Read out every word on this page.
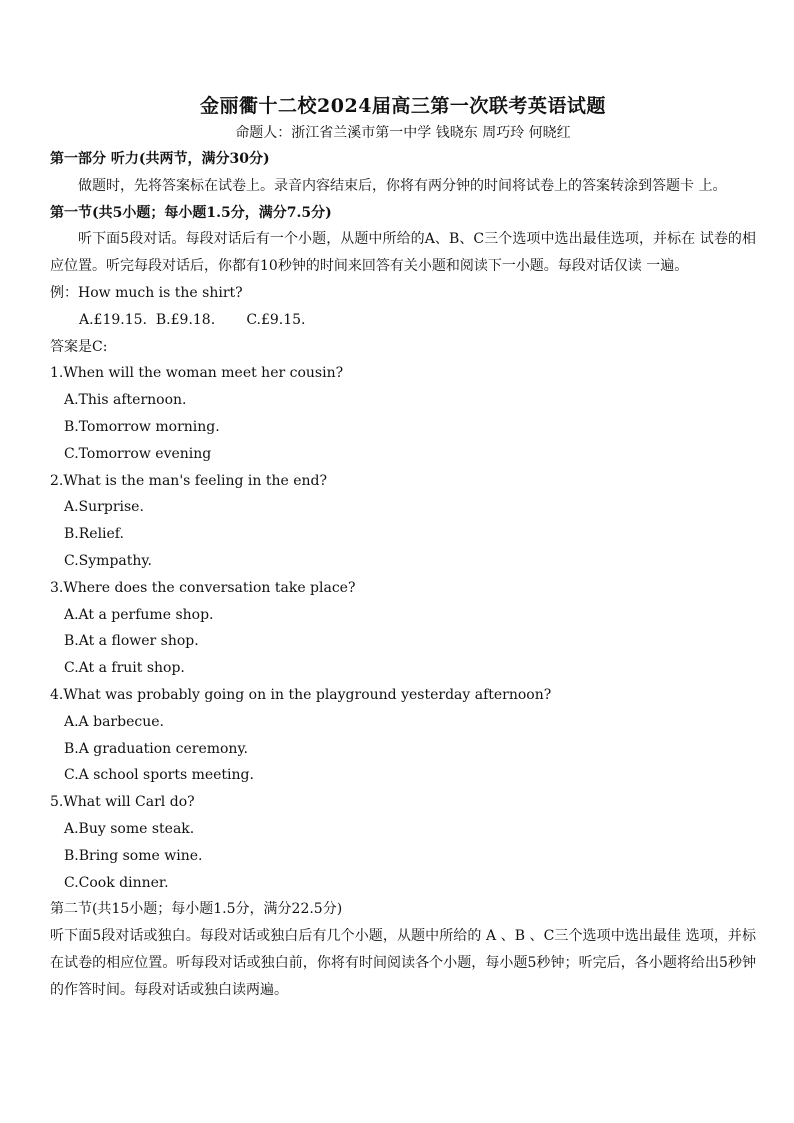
金丽衢十二校2024届高三第一次联考英语试题
命题人：浙江省兰溪市第一中学 钱晓东 周巧玲 何晓红
第一部分 听力(共两节，满分30分)
做题时，先将答案标在试卷上。录音内容结束后，你将有两分钟的时间将试卷上的答案转涂到答题卡 上。
第一节(共5小题；每小题1.5分，满分7.5分)
听下面5段对话。每段对话后有一个小题，从题中所给的A、B、C三个选项中选出最佳选项，并标在 试卷的相应位置。听完每段对话后，你都有10秒钟的时间来回答有关小题和阅读下一小题。每段对话仅读 一遍。
例：How much is the shirt?
A.£19.15.  B.£9.18.       C.£9.15.
答案是C:
1.When will the woman meet her cousin?
A.This afternoon.
B.Tomorrow morning.
C.Tomorrow evening
2.What is the man's feeling in the end?
A.Surprise.
B.Relief.
C.Sympathy.
3.Where does the conversation take place?
A.At a perfume shop.
B.At a flower shop.
C.At a fruit shop.
4.What was probably going on in the playground yesterday afternoon?
A.A barbecue.
B.A graduation ceremony.
C.A school sports meeting.
5.What will Carl do?
A.Buy some steak.
B.Bring some wine.
C.Cook dinner.
第二节(共15小题；每小题1.5分，满分22.5分)
听下面5段对话或独白。每段对话或独白后有几个小题，从题中所给的 A 、B 、C三个选项中选出最佳 选项，并标在试卷的相应位置。听每段对话或独白前，你将有时间阅读各个小题，每小题5秒钟；听完后，各小题将给出5秒钟的作答时间。每段对话或独白读两遍。
